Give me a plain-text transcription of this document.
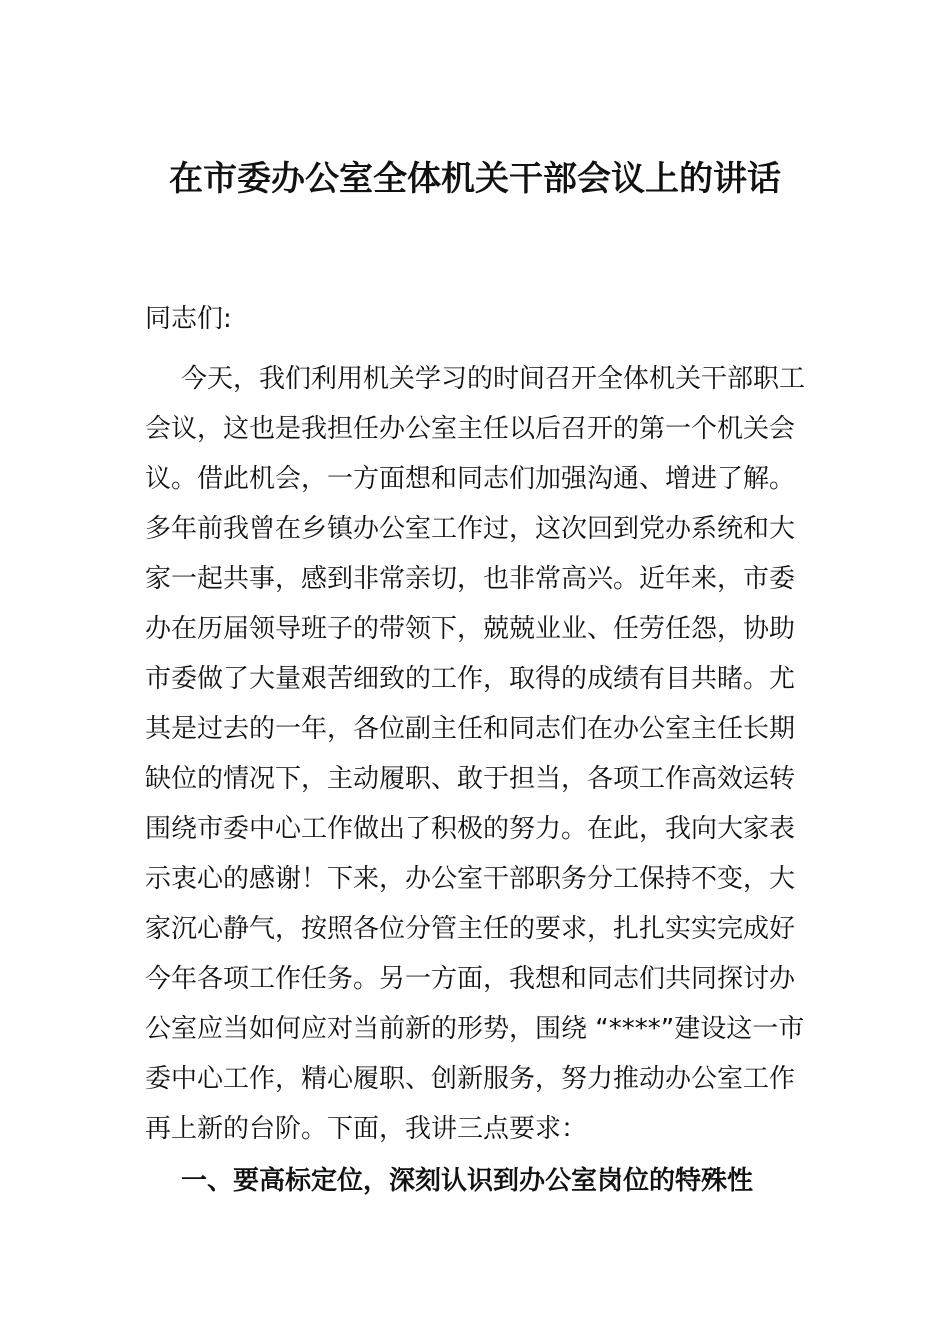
在市委办公室全体机关干部会议上的讲话
同志们:
今天，我们利用机关学习的时间召开全体机关干部职工
会议，这也是我担任办公室主任以后召开的第一个机关会
议。借此机会，一方面想和同志们加强沟通、增进了解。
多年前我曾在乡镇办公室工作过，这次回到党办系统和大
家一起共事，感到非常亲切，也非常高兴。近年来，市委
办在历届领导班子的带领下，兢兢业业、任劳任怨，协助
市委做了大量艰苦细致的工作，取得的成绩有目共睹。尤
其是过去的一年，各位副主任和同志们在办公室主任长期
缺位的情况下，主动履职、敢于担当，各项工作高效运转
围绕市委中心工作做出了积极的努力。在此，我向大家表
示衷心的感谢！下来，办公室干部职务分工保持不变，大
家沉心静气，按照各位分管主任的要求，扎扎实实完成好
今年各项工作任务。另一方面，我想和同志们共同探讨办
公室应当如何应对当前新的形势，围绕 “****”建设这一市
委中心工作，精心履职、创新服务，努力推动办公室工作
再上新的台阶。下面，我讲三点要求：
一、要高标定位，深刻认识到办公室岗位的特殊性
